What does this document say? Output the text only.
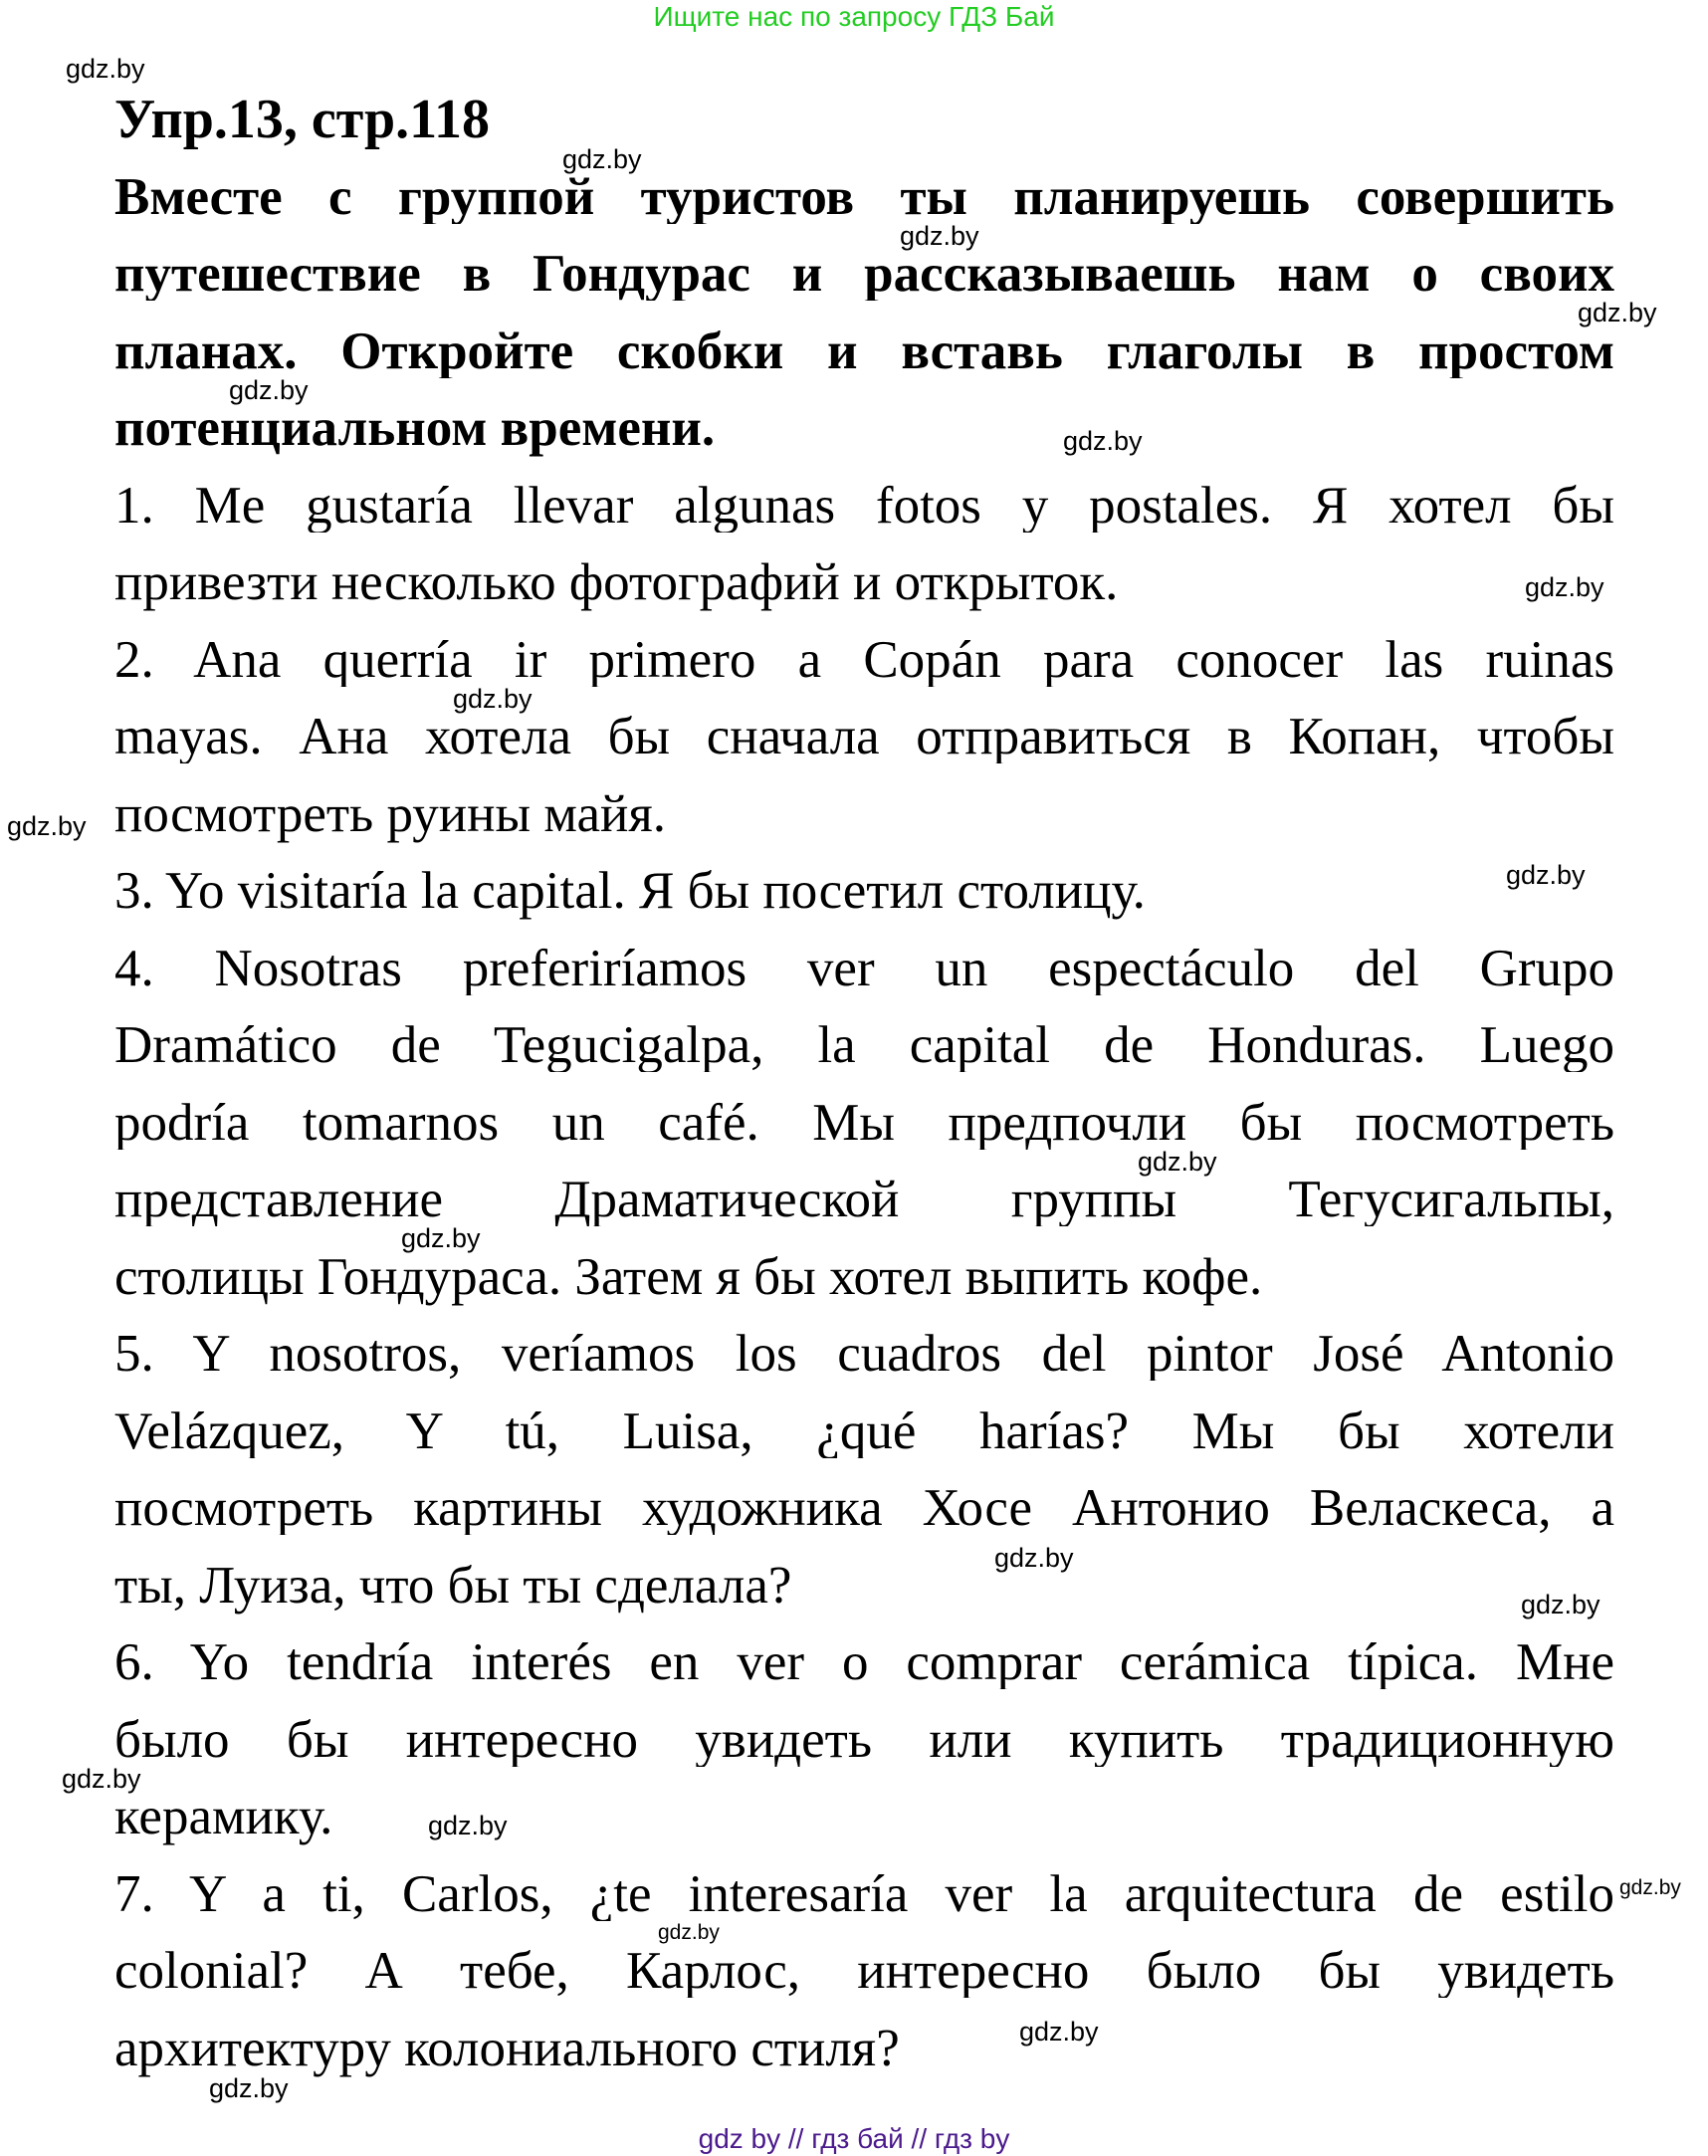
Ищите нас по запросу ГДЗ Бай
Упр.13, стр.118
Вместе с группой туристов ты планируешь совершить
путешествие в Гондурас и рассказываешь нам о своих
планах. Откройте скобки и вставь глаголы в простом
потенциальном времени.
1. Me gustaría llevar algunas fotos y postales. Я хотел бы
привезти несколько фотографий и открыток.
2. Ana querría ir primero a Copán para conocer las ruinas
mayas. Ана хотела бы сначала отправиться в Копан, чтобы
посмотреть руины майя.
3. Yo visitaría la capital. Я бы посетил столицу.
4. Nosotras preferiríamos ver un espectáculo del Grupo
Dramático de Tegucigalpa, la capital de Honduras. Luego
podría tomarnos un café. Мы предпочли бы посмотреть
представление Драматической группы Тегусигальпы,
столицы Гондураса. Затем я бы хотел выпить кофе.
5. Y nosotros, veríamos los cuadros del pintor José Antonio
Velázquez, Y tú, Luisa, ¿qué harías? Мы бы хотели
посмотреть картины художника Хосе Антонио Веласкеса, а
ты, Луиза, что бы ты сделала?
6. Yo tendría interés en ver o comprar cerámica típica. Мне
было бы интересно увидеть или купить традиционную
керамику.
7. Y a ti, Carlos, ¿te interesaría ver la arquitectura de estilo
colonial? А тебе, Карлос, интересно было бы увидеть
архитектуру колониального стиля?
gdz.by
gdz.by
gdz.by
gdz.by
gdz.by
gdz.by
gdz.by
gdz.by
gdz.by
gdz.by
gdz.by
gdz.by
gdz.by
gdz.by
gdz.by
gdz.by
gdz.by
gdz.by
gdz.by
gdz.by
gdz by // гдз бай // гдз by
